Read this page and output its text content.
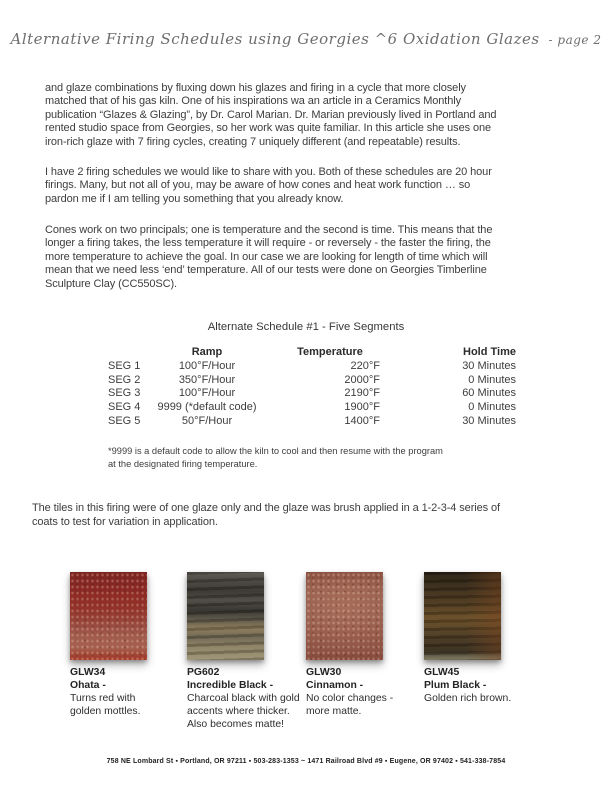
Alternative Firing Schedules using Georgies ^6 Oxidation Glazes - page 2
and glaze combinations by fluxing down his glazes and firing in a cycle that more closely
matched that of his gas kiln. One of his inspirations wa an article in a Ceramics Monthly
publication “Glazes & Glazing”, by Dr. Carol Marian. Dr. Marian previously lived in Portland and
rented studio space from Georgies, so her work was quite familiar. In this article she uses one
iron-rich glaze with 7 firing cycles, creating 7 uniquely different (and repeatable) results.
I have 2 firing schedules we would like to share with you. Both of these schedules are 20 hour
firings. Many, but not all of you, may be aware of how cones and heat work function … so
pardon me if I am telling you something that you already know.
Cones work on two principals; one is temperature and the second is time. This means that the
longer a firing takes, the less temperature it will require - or reversely - the faster the firing, the
more temperature to achieve the goal. In our case we are looking for length of time which will
mean that we need less ‘end’ temperature. All of our tests were done on Georgies Timberline
Sculpture Clay (CC550SC).
Alternate Schedule #1 - Five Segments
	Ramp	Temperature	Hold Time
SEG 1	100°F/Hour	220°F	30 Minutes
SEG 2	350°F/Hour	2000°F	0 Minutes
SEG 3	100°F/Hour	2190°F	60 Minutes
SEG 4	9999 (*default code)	1900°F	0 Minutes
SEG 5	50°F/Hour	1400°F	30 Minutes
*9999 is a default code to allow the kiln to cool and then resume with the program
at the designated firing temperature.
The tiles in this firing were of one glaze only and the glaze was brush applied in a 1-2-3-4 series of
coats to test for variation in application.
GLW34
Ohata -
Turns red with
golden mottles.
PG602
Incredible Black -
Charcoal black with gold
accents where thicker.
Also becomes matte!
GLW30
Cinnamon -
No color changes -
more matte.
GLW45
Plum Black -
Golden rich brown.
758 NE Lombard St ▪ Portland, OR 97211 ▪ 503-283-1353 ~ 1471 Railroad Blvd #9 ▪ Eugene, OR 97402 ▪ 541-338-7854
